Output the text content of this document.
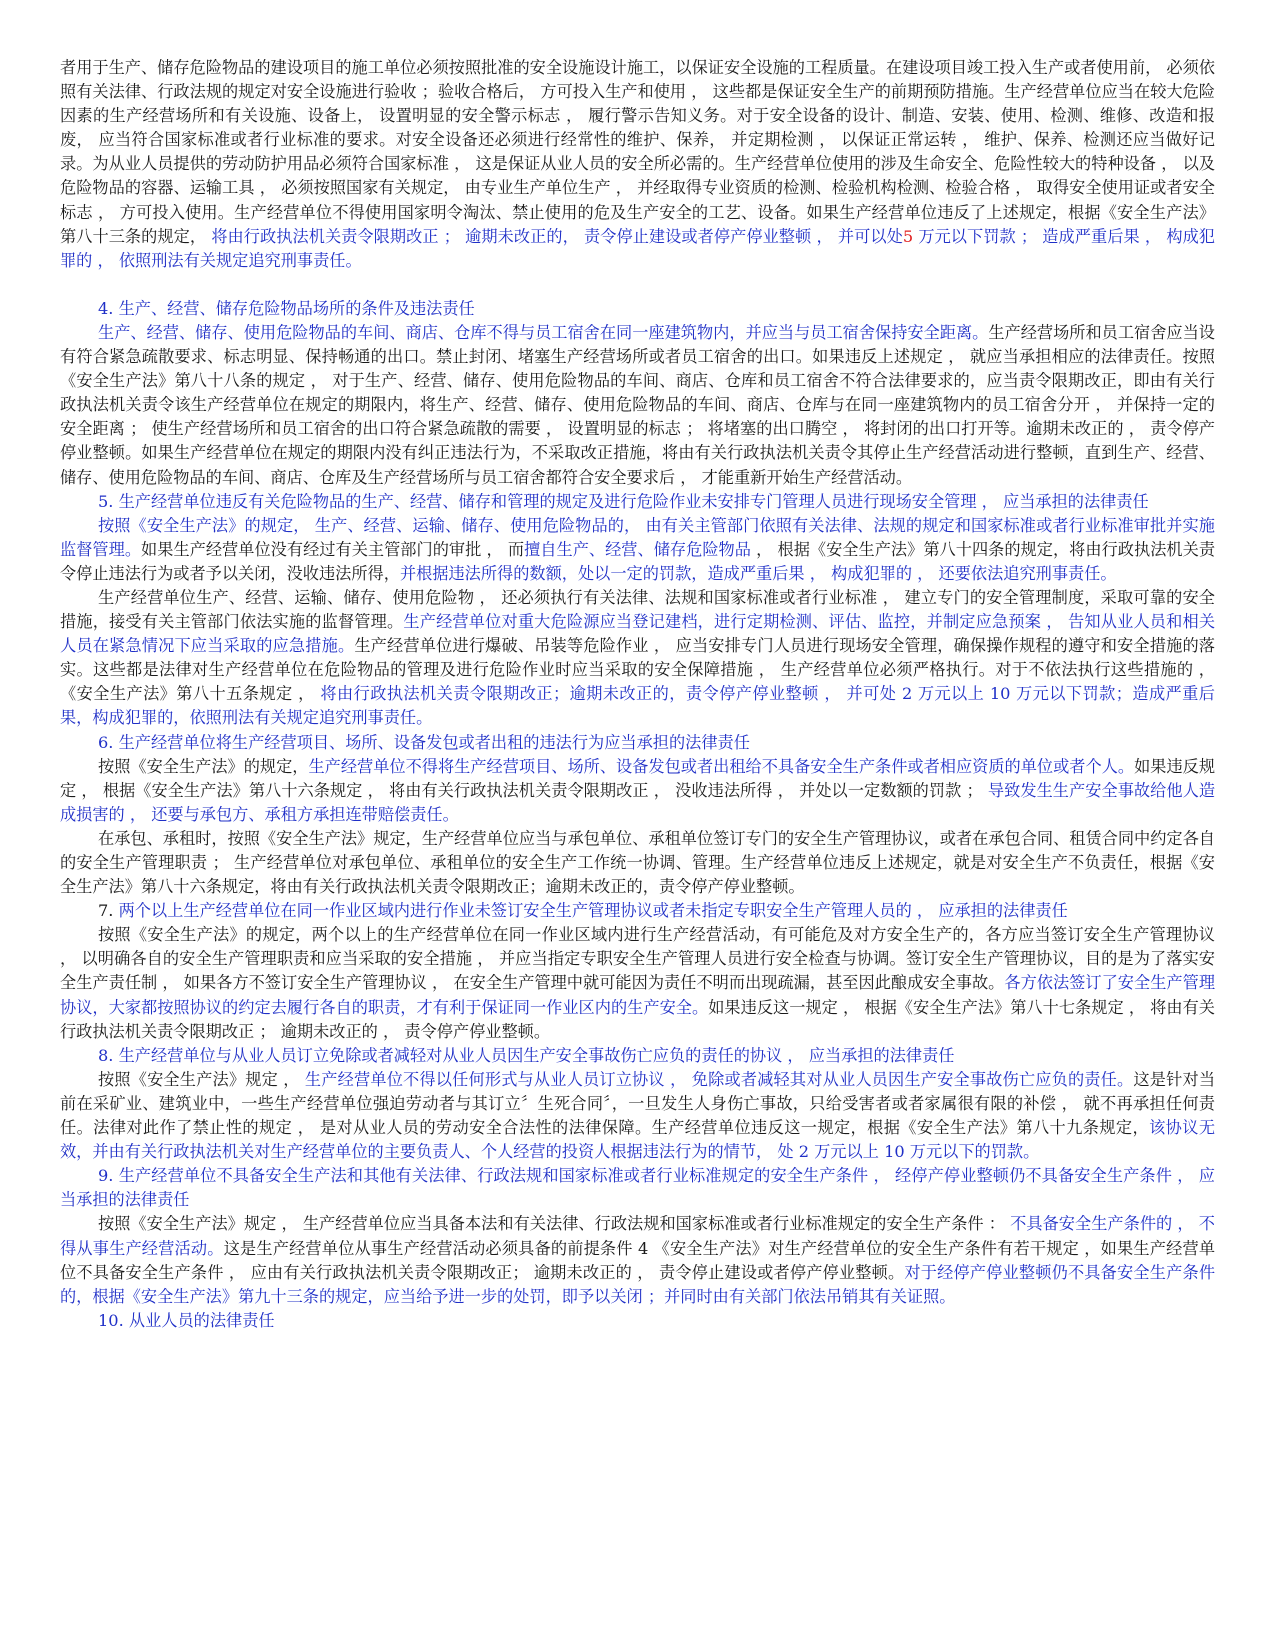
者用于生产、储存危险物品的建设项目的施工单位必须按照批准的安全设施设计施工，以保证安全设施的工程质量。在建设项目竣工投入生产或者使用前， 必须依照有关法律、行政法规的规定对安全设施进行验收 ；验收合格后， 方可投入生产和使用 ， 这些都是保证安全生产的前期预防措施。生产经营单位应当在较大危险因素的生产经营场所和有关设施、设备上， 设置明显的安全警示标志 ， 履行警示告知义务。对于安全设备的设计、制造、安装、使用、检测、维修、改造和报废， 应当符合国家标准或者行业标准的要求。对安全设备还必须进行经常性的维护、保养， 并定期检测 ， 以保证正常运转 ， 维护、保养、检测还应当做好记录。为从业人员提供的劳动防护用品必须符合国家标准 ， 这是保证从业人员的安全所必需的。生产经营单位使用的涉及生命安全、危险性较大的特种设备 ， 以及危险物品的容器、运输工具 ， 必须按照国家有关规定， 由专业生产单位生产 ， 并经取得专业资质的检测、检验机构检测、检验合格 ， 取得安全使用证或者安全标志 ， 方可投入使用。生产经营单位不得使用国家明令淘汰、禁止使用的危及生产安全的工艺、设备。如果生产经营单位违反了上述规定，根据《安全生产法》第八十三条的规定， 将由行政执法机关责令限期改正 ； 逾期未改正的， 责令停止建设或者停产停业整顿 ， 并可以处5 万元以下罚款 ； 造成严重后果 ， 构成犯罪的 ， 依照刑法有关规定追究刑事责任。

4. 生产、经营、储存危险物品场所的条件及违法责任

生产、经营、储存、使用危险物品的车间、商店、仓库不得与员工宿舍在同一座建筑物内，并应当与员工宿舍保持安全距离。生产经营场所和员工宿舍应当设有符合紧急疏散要求、标志明显、保持畅通的出口。禁止封闭、堵塞生产经营场所或者员工宿舍的出口。如果违反上述规定 ， 就应当承担相应的法律责任。按照《安全生产法》第八十八条的规定 ， 对于生产、经营、储存、使用危险物品的车间、商店、仓库和员工宿舍不符合法律要求的，应当责令限期改正，即由有关行政执法机关责令该生产经营单位在规定的期限内，将生产、经营、储存、使用危险物品的车间、商店、仓库与在同一座建筑物内的员工宿舍分开 ， 并保持一定的安全距离 ； 使生产经营场所和员工宿舍的出口符合紧急疏散的需要 ， 设置明显的标志 ； 将堵塞的出口腾空 ， 将封闭的出口打开等。逾期未改正的 ， 责令停产停业整顿。如果生产经营单位在规定的期限内没有纠正违法行为，不采取改正措施，将由有关行政执法机关责令其停止生产经营活动进行整顿，直到生产、经营、储存、使用危险物品的车间、商店、仓库及生产经营场所与员工宿舍都符合安全要求后 ， 才能重新开始生产经营活动。

5. 生产经营单位违反有关危险物品的生产、经营、储存和管理的规定及进行危险作业未安排专门管理人员进行现场安全管理 ， 应当承担的法律责任

按照《安全生产法》的规定， 生产、经营、运输、储存、使用危险物品的， 由有关主管部门依照有关法律、法规的规定和国家标准或者行业标准审批并实施监督管理。如果生产经营单位没有经过有关主管部门的审批 ， 而擅自生产、经营、储存危险物品 ， 根据《安全生产法》第八十四条的规定，将由行政执法机关责令停止违法行为或者予以关闭，没收违法所得，并根据违法所得的数额，处以一定的罚款，造成严重后果 ， 构成犯罪的 ， 还要依法追究刑事责任。

生产经营单位生产、经营、运输、储存、使用危险物 ， 还必须执行有关法律、法规和国家标准或者行业标准 ， 建立专门的安全管理制度，采取可靠的安全措施，接受有关主管部门依法实施的监督管理。生产经营单位对重大危险源应当登记建档，进行定期检测、评估、监控，并制定应急预案 ， 告知从业人员和相关人员在紧急情况下应当采取的应急措施。生产经营单位进行爆破、吊装等危险作业 ， 应当安排专门人员进行现场安全管理，确保操作规程的遵守和安全措施的落实。这些都是法律对生产经营单位在危险物品的管理及进行危险作业时应当采取的安全保障措施 ， 生产经营单位必须严格执行。对于不依法执行这些措施的 ，《安全生产法》第八十五条规定 ， 将由行政执法机关责令限期改正；逾期未改正的，责令停产停业整顿 ， 并可处 2 万元以上 10 万元以下罚款；造成严重后果，构成犯罪的，依照刑法有关规定追究刑事责任。

6. 生产经营单位将生产经营项目、场所、设备发包或者出租的违法行为应当承担的法律责任

按照《安全生产法》的规定，生产经营单位不得将生产经营项目、场所、设备发包或者出租给不具备安全生产条件或者相应资质的单位或者个人。如果违反规定 ， 根据《安全生产法》第八十六条规定 ， 将由有关行政执法机关责令限期改正 ， 没收违法所得 ， 并处以一定数额的罚款 ； 导致发生生产安全事故给他人造成损害的 ， 还要与承包方、承租方承担连带赔偿责任。

在承包、承租时，按照《安全生产法》规定，生产经营单位应当与承包单位、承租单位签订专门的安全生产管理协议，或者在承包合同、租赁合同中约定各自的安全生产管理职责 ； 生产经营单位对承包单位、承租单位的安全生产工作统一协调、管理。生产经营单位违反上述规定，就是对安全生产不负责任，根据《安全生产法》第八十六条规定，将由有关行政执法机关责令限期改正；逾期未改正的，责令停产停业整顿。

7. 两个以上生产经营单位在同一作业区域内进行作业未签订安全生产管理协议或者未指定专职安全生产管理人员的 ， 应承担的法律责任

按照《安全生产法》的规定，两个以上的生产经营单位在同一作业区域内进行生产经营活动，有可能危及对方安全生产的，各方应当签订安全生产管理协议 ， 以明确各自的安全生产管理职责和应当采取的安全措施 ， 并应当指定专职安全生产管理人员进行安全检查与协调。签订安全生产管理协议，目的是为了落实安全生产责任制 ， 如果各方不签订安全生产管理协议 ， 在安全生产管理中就可能因为责任不明而出现疏漏，甚至因此酿成安全事故。各方依法签订了安全生产管理协议，大家都按照协议的约定去履行各自的职责，才有利于保证同一作业区内的生产安全。如果违反这一规定 ， 根据《安全生产法》第八十七条规定 ， 将由有关行政执法机关责令限期改正 ； 逾期未改正的 ， 责令停产停业整顿。

8. 生产经营单位与从业人员订立免除或者减轻对从业人员因生产安全事故伤亡应负的责任的协议 ， 应当承担的法律责任

按照《安全生产法》规定 ， 生产经营单位不得以任何形式与从业人员订立协议 ， 免除或者减轻其对从业人员因生产安全事故伤亡应负的责任。这是针对当前在采矿业、建筑业中，一些生产经营单位强迫劳动者与其订立〞生死合同〞，一旦发生人身伤亡事故，只给受害者或者家属很有限的补偿 ， 就不再承担任何责任。法律对此作了禁止性的规定 ， 是对从业人员的劳动安全合法性的法律保障。生产经营单位违反这一规定，根据《安全生产法》第八十九条规定，该协议无效，并由有关行政执法机关对生产经营单位的主要负责人、个人经营的投资人根据违法行为的情节， 处 2 万元以上 10 万元以下的罚款。

9. 生产经营单位不具备安全生产法和其他有关法律、行政法规和国家标准或者行业标准规定的安全生产条件 ， 经停产停业整顿仍不具备安全生产条件 ， 应当承担的法律责任

按照《安全生产法》规定 ， 生产经营单位应当具备本法和有关法律、行政法规和国家标准或者行业标准规定的安全生产条件 ： 不具备安全生产条件的 ， 不得从事生产经营活动。这是生产经营单位从事生产经营活动必须具备的前提条件 4 《安全生产法》对生产经营单位的安全生产条件有若干规定 ，如果生产经营单位不具备安全生产条件 ， 应由有关行政执法机关责令限期改正； 逾期未改正的 ， 责令停止建设或者停产停业整顿。对于经停产停业整顿仍不具备安全生产条件的，根据《安全生产法》第九十三条的规定，应当给予进一步的处罚，即予以关闭 ；并同时由有关部门依法吊销其有关证照。

10. 从业人员的法律责任
